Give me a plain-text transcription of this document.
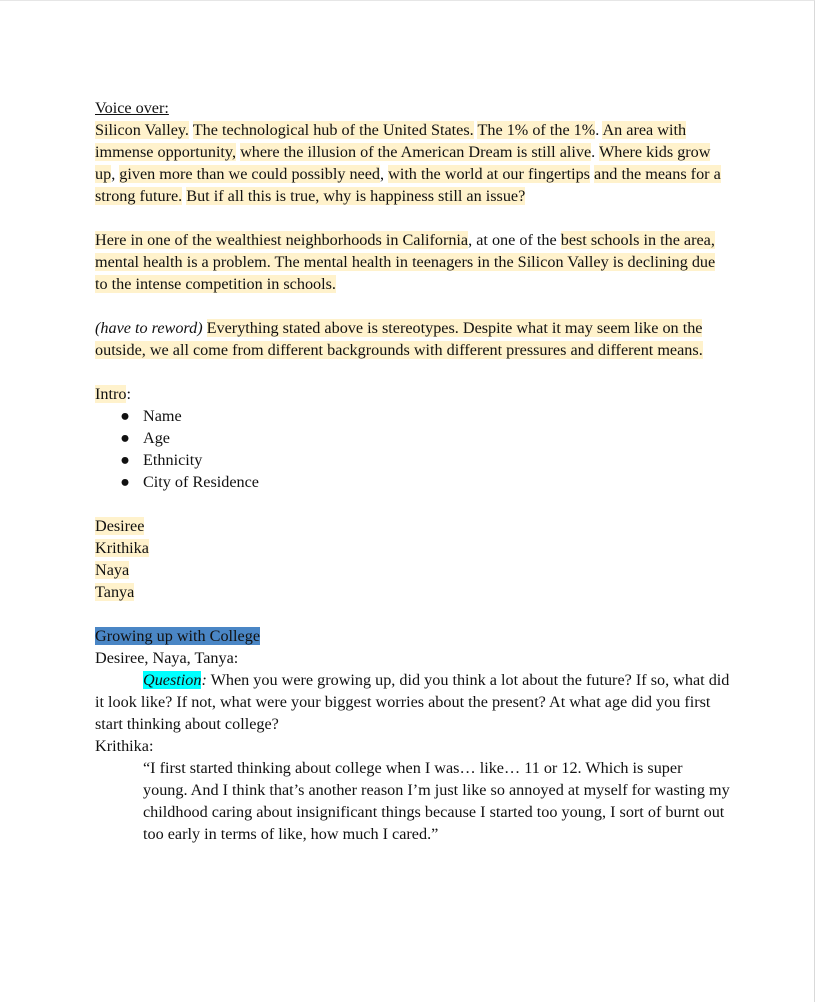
Voice over:

Silicon Valley. The technological hub of the United States. The 1% of the 1%. An area with immense opportunity, where the illusion of the American Dream is still alive. Where kids grow up, given more than we could possibly need, with the world at our fingertips and the means for a strong future. But if all this is true, why is happiness still an issue?

Here in one of the wealthiest neighborhoods in California, at one of the best schools in the area, mental health is a problem. The mental health in teenagers in the Silicon Valley is declining due to the intense competition in schools.

(have to reword) Everything stated above is stereotypes. Despite what it may seem like on the outside, we all come from different backgrounds with different pressures and different means.

Intro:

● Name
● Age
● Ethnicity
● City of Residence

Desiree

Krithika

Naya

Tanya

Growing up with College

Desiree, Naya, Tanya:

Question: When you were growing up, did you think a lot about the future? If so, what did it look like? If not, what were your biggest worries about the present? At what age did you first start thinking about college?

Krithika:

“I first started thinking about college when I was… like… 11 or 12. Which is super young. And I think that’s another reason I’m just like so annoyed at myself for wasting my childhood caring about insignificant things because I started too young, I sort of burnt out too early in terms of like, how much I cared.”
